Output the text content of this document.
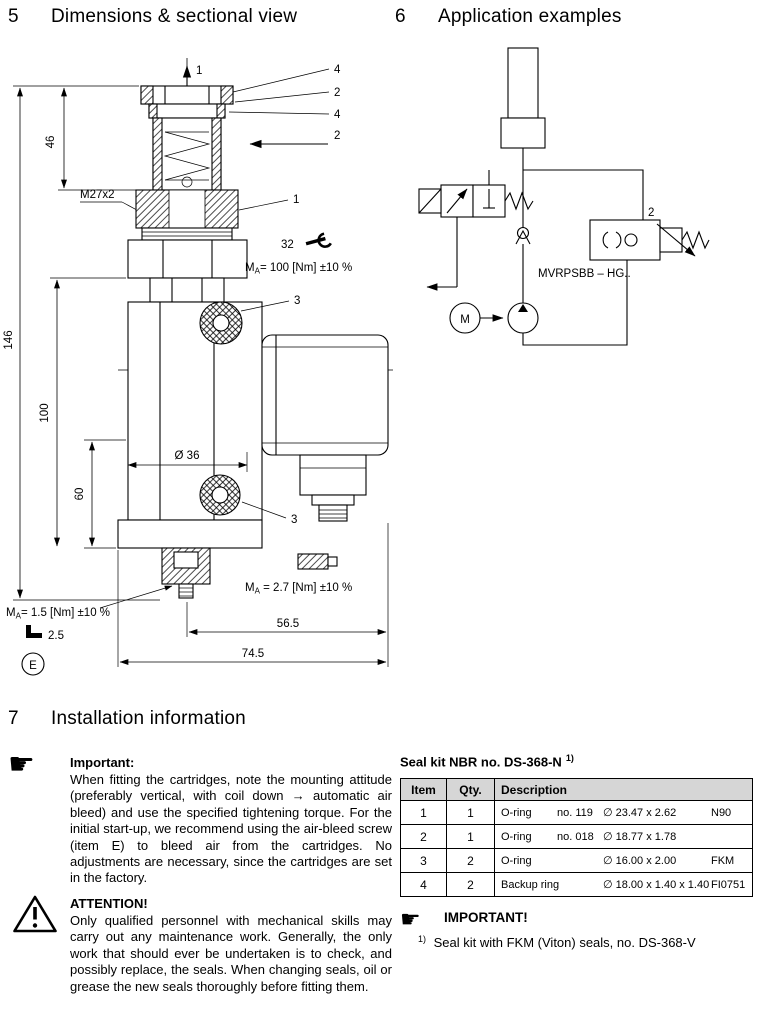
5 Dimensions & sectional view	6 Application examples
7 Installation information
1	4
2
4
2
46
M27x2	1
32
$M_A= 100$ [Nm] ±10 %
3
Ø 36
60
100
146
3
$M_A= 1.5$ [Nm] ±10 %
2.5
E
$M_A = 2.7$ [Nm] ±10 %
56.5
74.5
2
MVRPSBB – HG..
M
☛	Important:
When fitting the cartridges, note the mounting attitude (preferably vertical, with coil down → automatic air bleed) and use the specified tightening torque. For the initial start-up, we recommend using the air-bleed screw (item E) to bleed air from the cartridges. No adjustments are necessary, since the cartridges are set in the factory.
ATTENTION!
Only qualified personnel with mechanical skills may carry out any maintenance work. Generally, the only work that should ever be undertaken is to check, and possibly replace, the seals. When changing seals, oil or grease the new seals thoroughly before fitting them.
Seal kit NBR no. DS-368-N $^{1)}$
Item	Qty.	Description
1	1	O-ring no. 119 ∅ 23.47 x 2.62 N90

2	1	O-ring no. 018 ∅ 18.77 x 1.78

3	2	O-ring ∅ 16.00 x 2.00 FKM

4	2	Backup ring ∅ 18.00 x 1.40 x 1.40 FI0751
☛ IMPORTANT!
$^{1)}$ Seal kit with FKM (Viton) seals, no. DS-368-V
